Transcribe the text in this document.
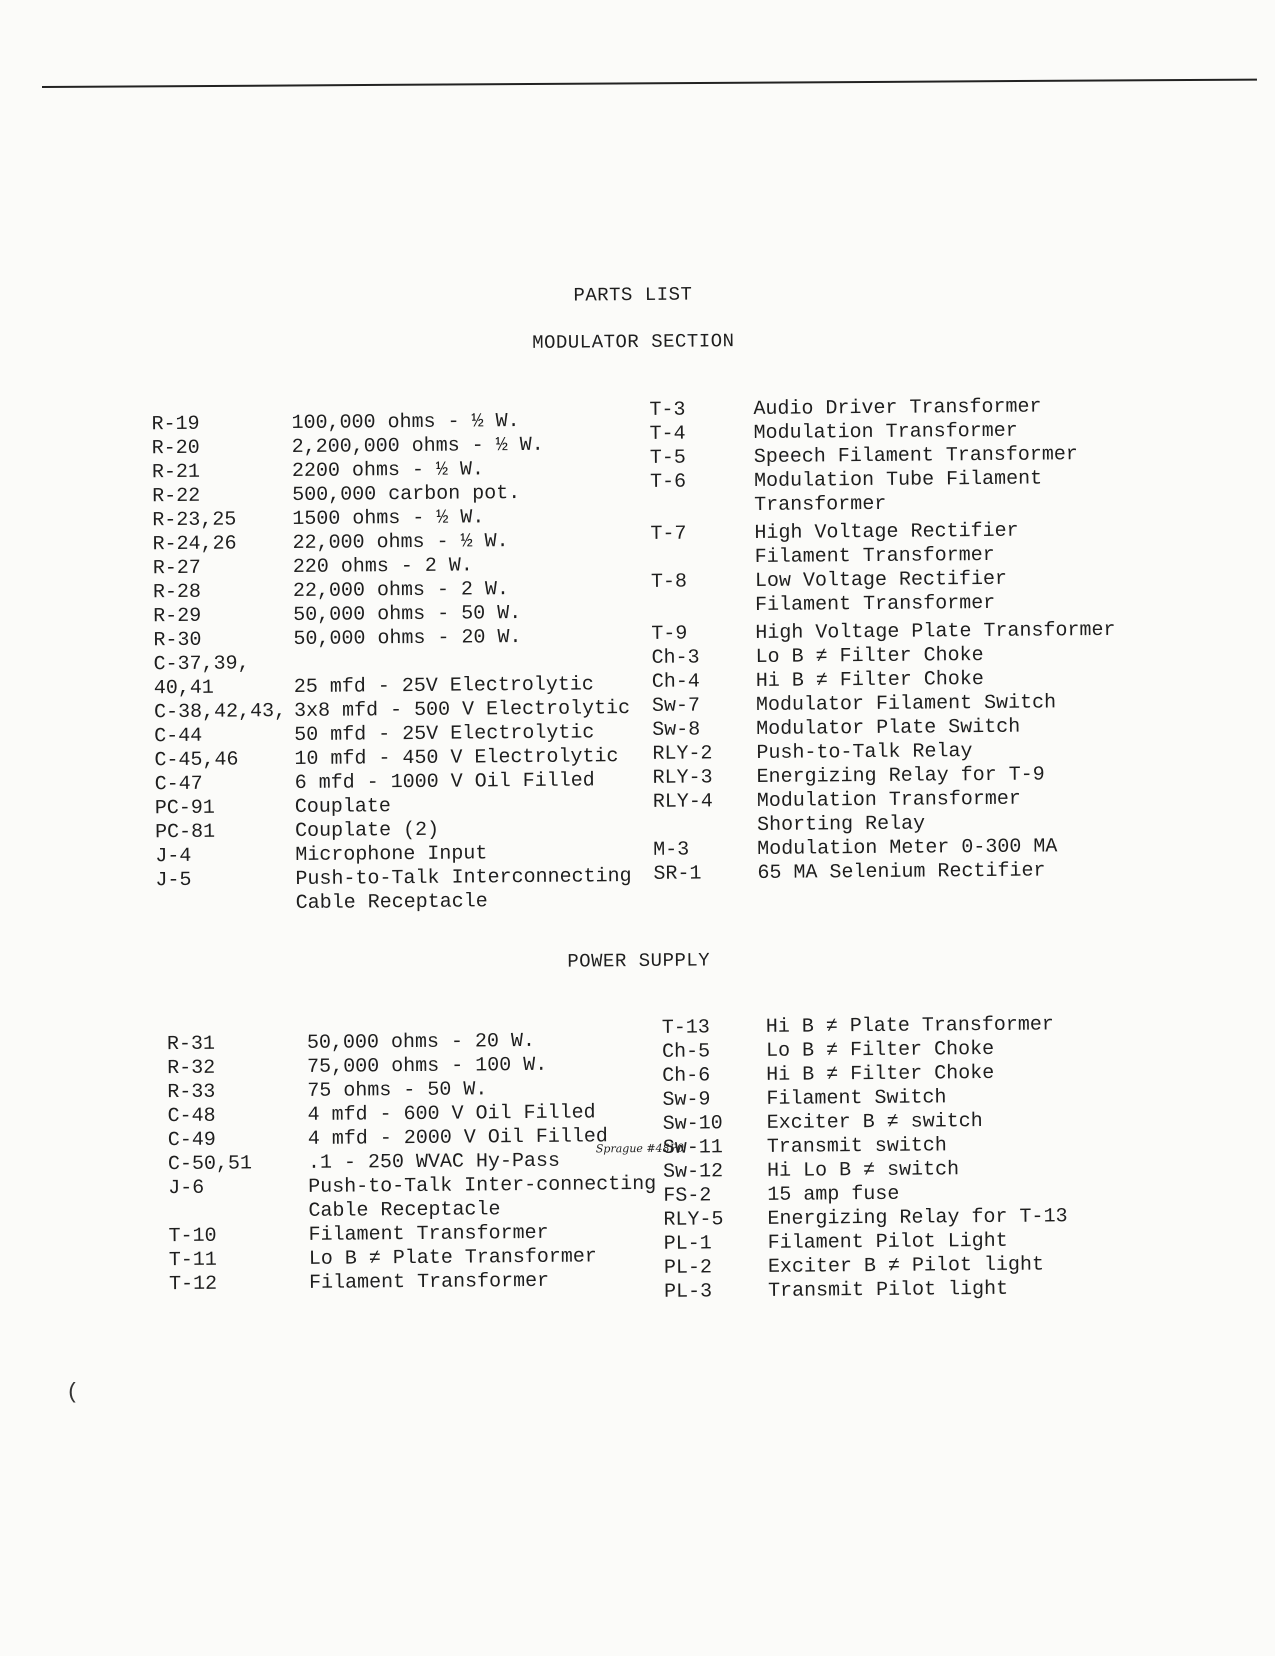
PARTS LIST
MODULATOR SECTION
R-19	100,000 ohms - ½ W.
R-20	2,200,000 ohms - ½ W.
R-21	2200 ohms - ½ W.
R-22	500,000 carbon pot.
R-23,25	1500 ohms - ½ W.
R-24,26	22,000 ohms - ½ W.
R-27	220 ohms - 2 W.
R-28	22,000 ohms - 2 W.
R-29	50,000 ohms - 50 W.
R-30	50,000 ohms - 20 W.
C-37,39,
40,41	25 mfd - 25V Electrolytic
C-38,42,43, 3x8 mfd - 500 V Electrolytic
C-44	50 mfd - 25V Electrolytic
C-45,46	10 mfd - 450 V Electrolytic
C-47	6 mfd - 1000 V Oil Filled
PC-91	Couplate
PC-81	Couplate (2)
J-4	Microphone Input
J-5	Push-to-Talk Interconnecting
Cable Receptacle
T-3	Audio Driver Transformer
T-4	Modulation Transformer
T-5	Speech Filament Transformer
T-6	Modulation Tube Filament
Transformer
T-7	High Voltage Rectifier
Filament Transformer
T-8	Low Voltage Rectifier
Filament Transformer
T-9	High Voltage Plate Transformer
Ch-3	Lo B ≠ Filter Choke
Ch-4	Hi B ≠ Filter Choke
Sw-7	Modulator Filament Switch
Sw-8	Modulator Plate Switch
RLY-2 Push-to-Talk Relay
RLY-3 Energizing Relay for T-9
RLY-4 Modulation Transformer
Shorting Relay
M-3	Modulation Meter 0-300 MA
SR-1	65 MA Selenium Rectifier
POWER SUPPLY
R-31	50,000 ohms - 20 W.
R-32	75,000 ohms - 100 W.
R-33	75 ohms - 50 W.
C-48	4 mfd - 600 V Oil Filled
C-49	4 mfd - 2000 V Oil Filled
C-50,51	.1 - 250 WVAC Hy-Pass
J-6	Push-to-Talk Inter-connecting
Cable Receptacle
T-10	Filament Transformer
T-11	Lo B ≠ Plate Transformer
T-12	Filament Transformer
T-13	Hi B ≠ Plate Transformer
Ch-5	Lo B ≠ Filter Choke
Ch-6	Hi B ≠ Filter Choke
Sw-9	Filament Switch
Sw-10 Exciter B ≠ switch
Sw-11 Transmit switch
Sw-12 Hi Lo B ≠ switch
FS-2	15 amp fuse
RLY-5 Energizing Relay for T-13
PL-1	Filament Pilot Light
PL-2	Exciter B ≠ Pilot light
PL-3	Transmit Pilot light
Sprague #48P0
(
